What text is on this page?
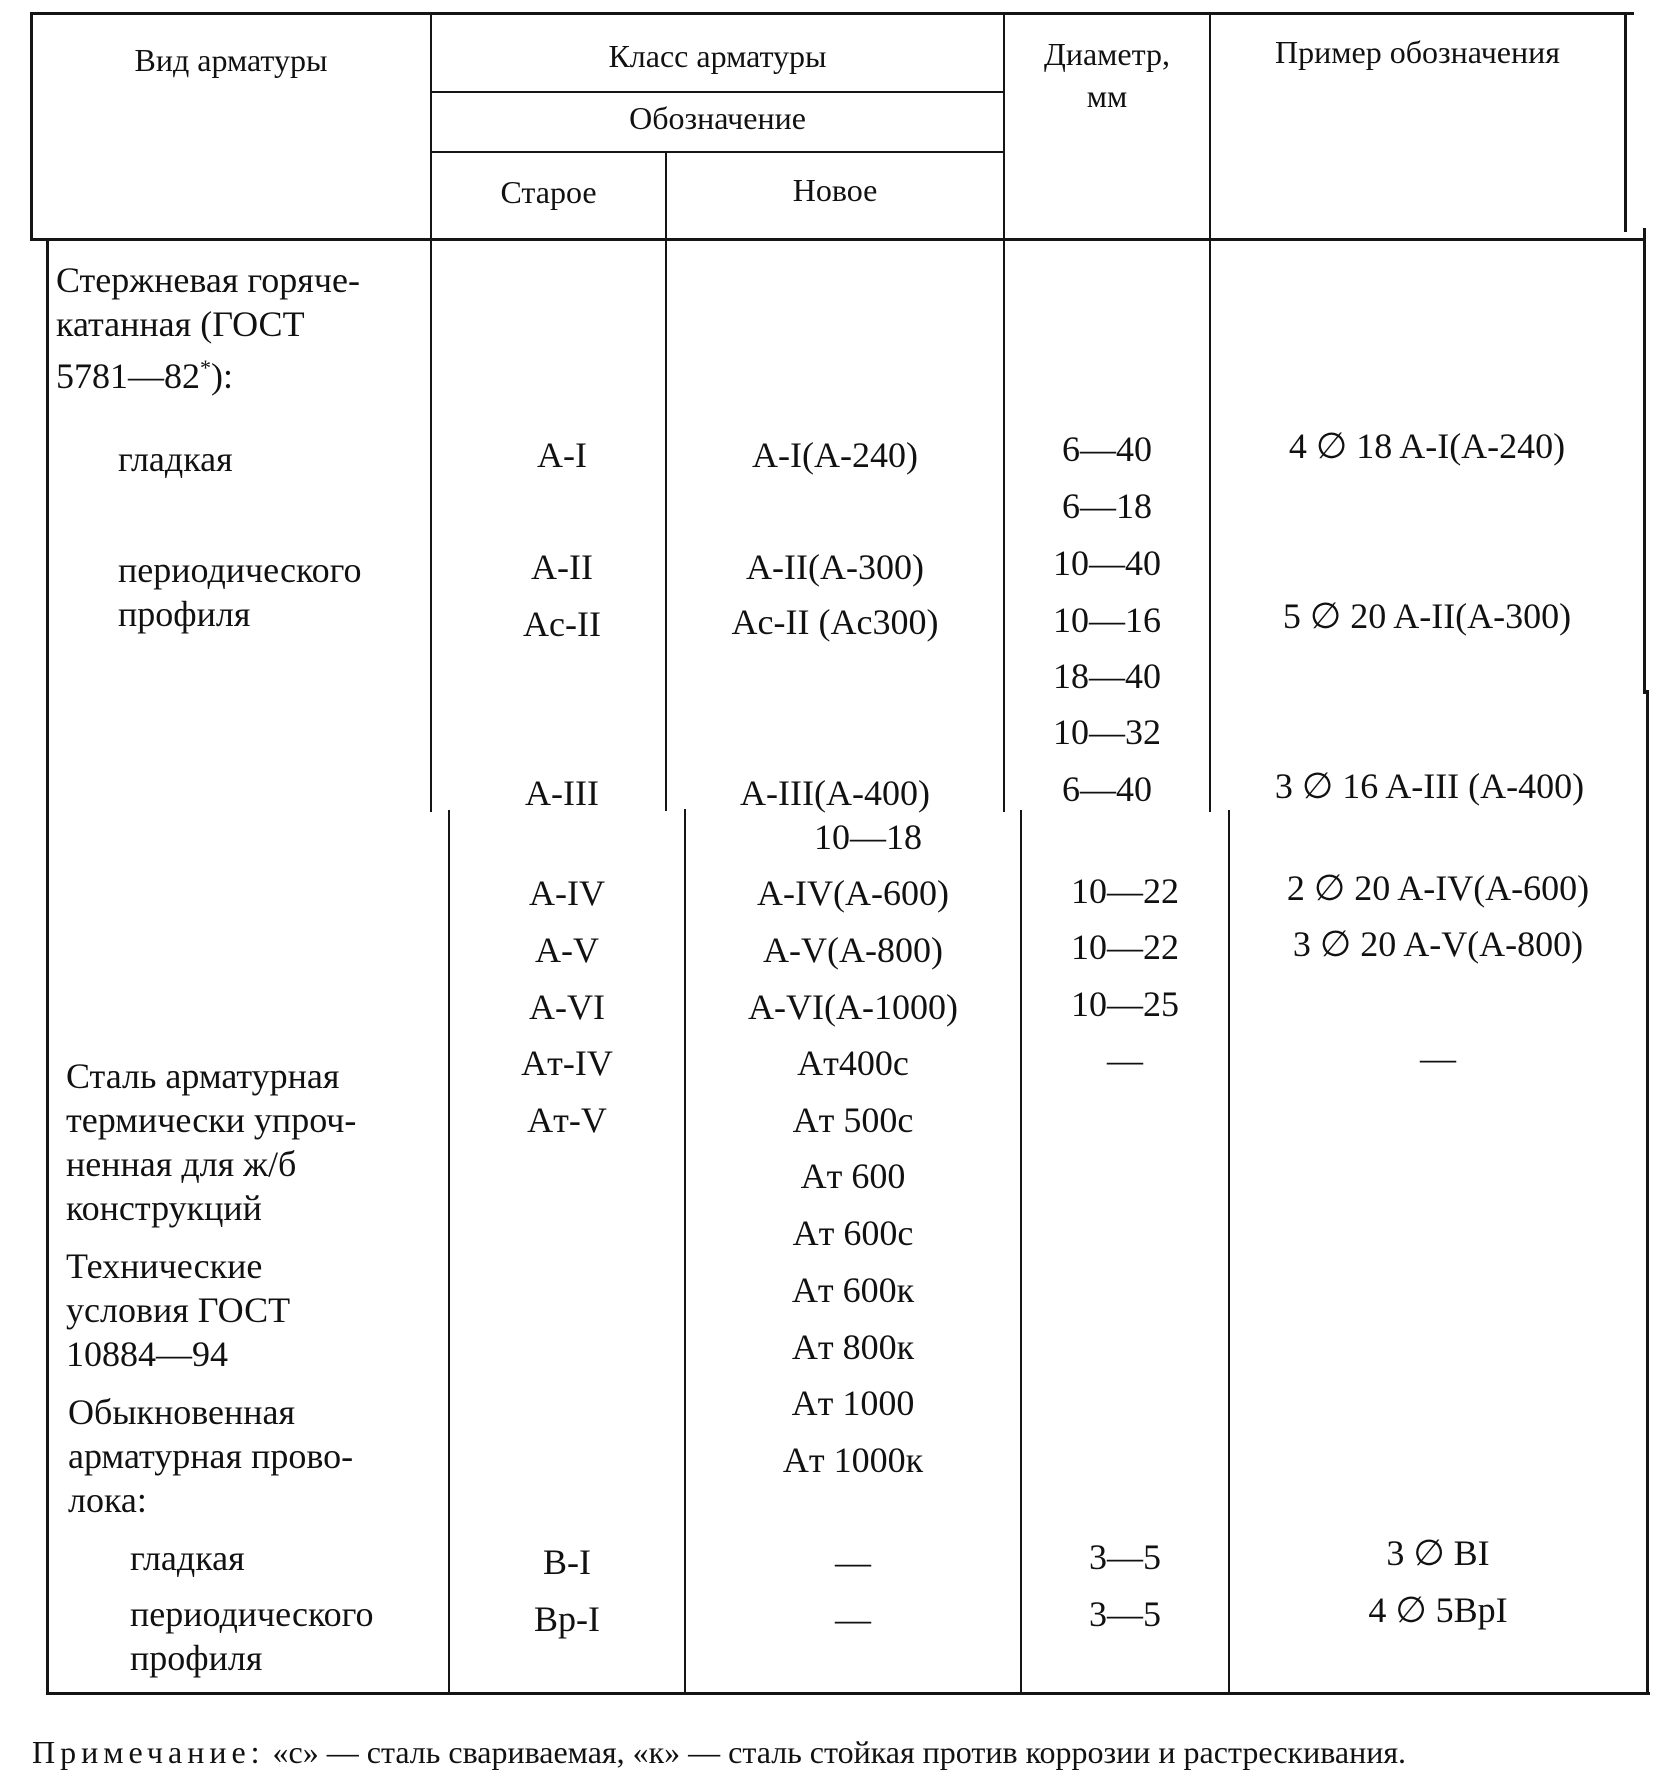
Вид арматуры	Класс арматуры
Обозначение
Старое	Новое
Диаметр,
мм
Пример обозначения
Стержневая горяче-
катанная (ГОСТ
5781—82*):
гладкая
периодического
профиля
Сталь арматурная
термически упроч-
ненная для ж/б
конструкций
Технические
условия ГОСТ
10884—94
Обыкновенная
арматурная прово-
лока:
гладкая
периодического
профиля
A-I
A-II
Ac-II
A-III
A-IV
A-V
A-VI
Aт-IV
Aт-V
B-I
Bp-I
A-I(A-240)
A-II(A-300)
Ac-II (Ac300)
A-III(A-400)
10—18
A-IV(A-600)
A-V(A-800)
A-VI(A-1000)
Aт400c
Aт 500c
Aт 600
Aт 600c
Aт 600к
Aт 800к
Aт 1000
Aт 1000к
—
—
6—40
6—18
10—40
10—16
18—40
10—32
6—40
10—22
10—22
10—25
—
3—5
3—5
4 ∅ 18 A-I(A-240)
5 ∅ 20 A-II(A-300)
3 ∅ 16 A-III (A-400)
2 ∅ 20 A-IV(A-600)
3 ∅ 20 A-V(A-800)
—
3 ∅ BI
4 ∅ 5BpI
Примечание: «с» — сталь свариваемая, «к» — сталь стойкая против коррозии и растрескивания.
